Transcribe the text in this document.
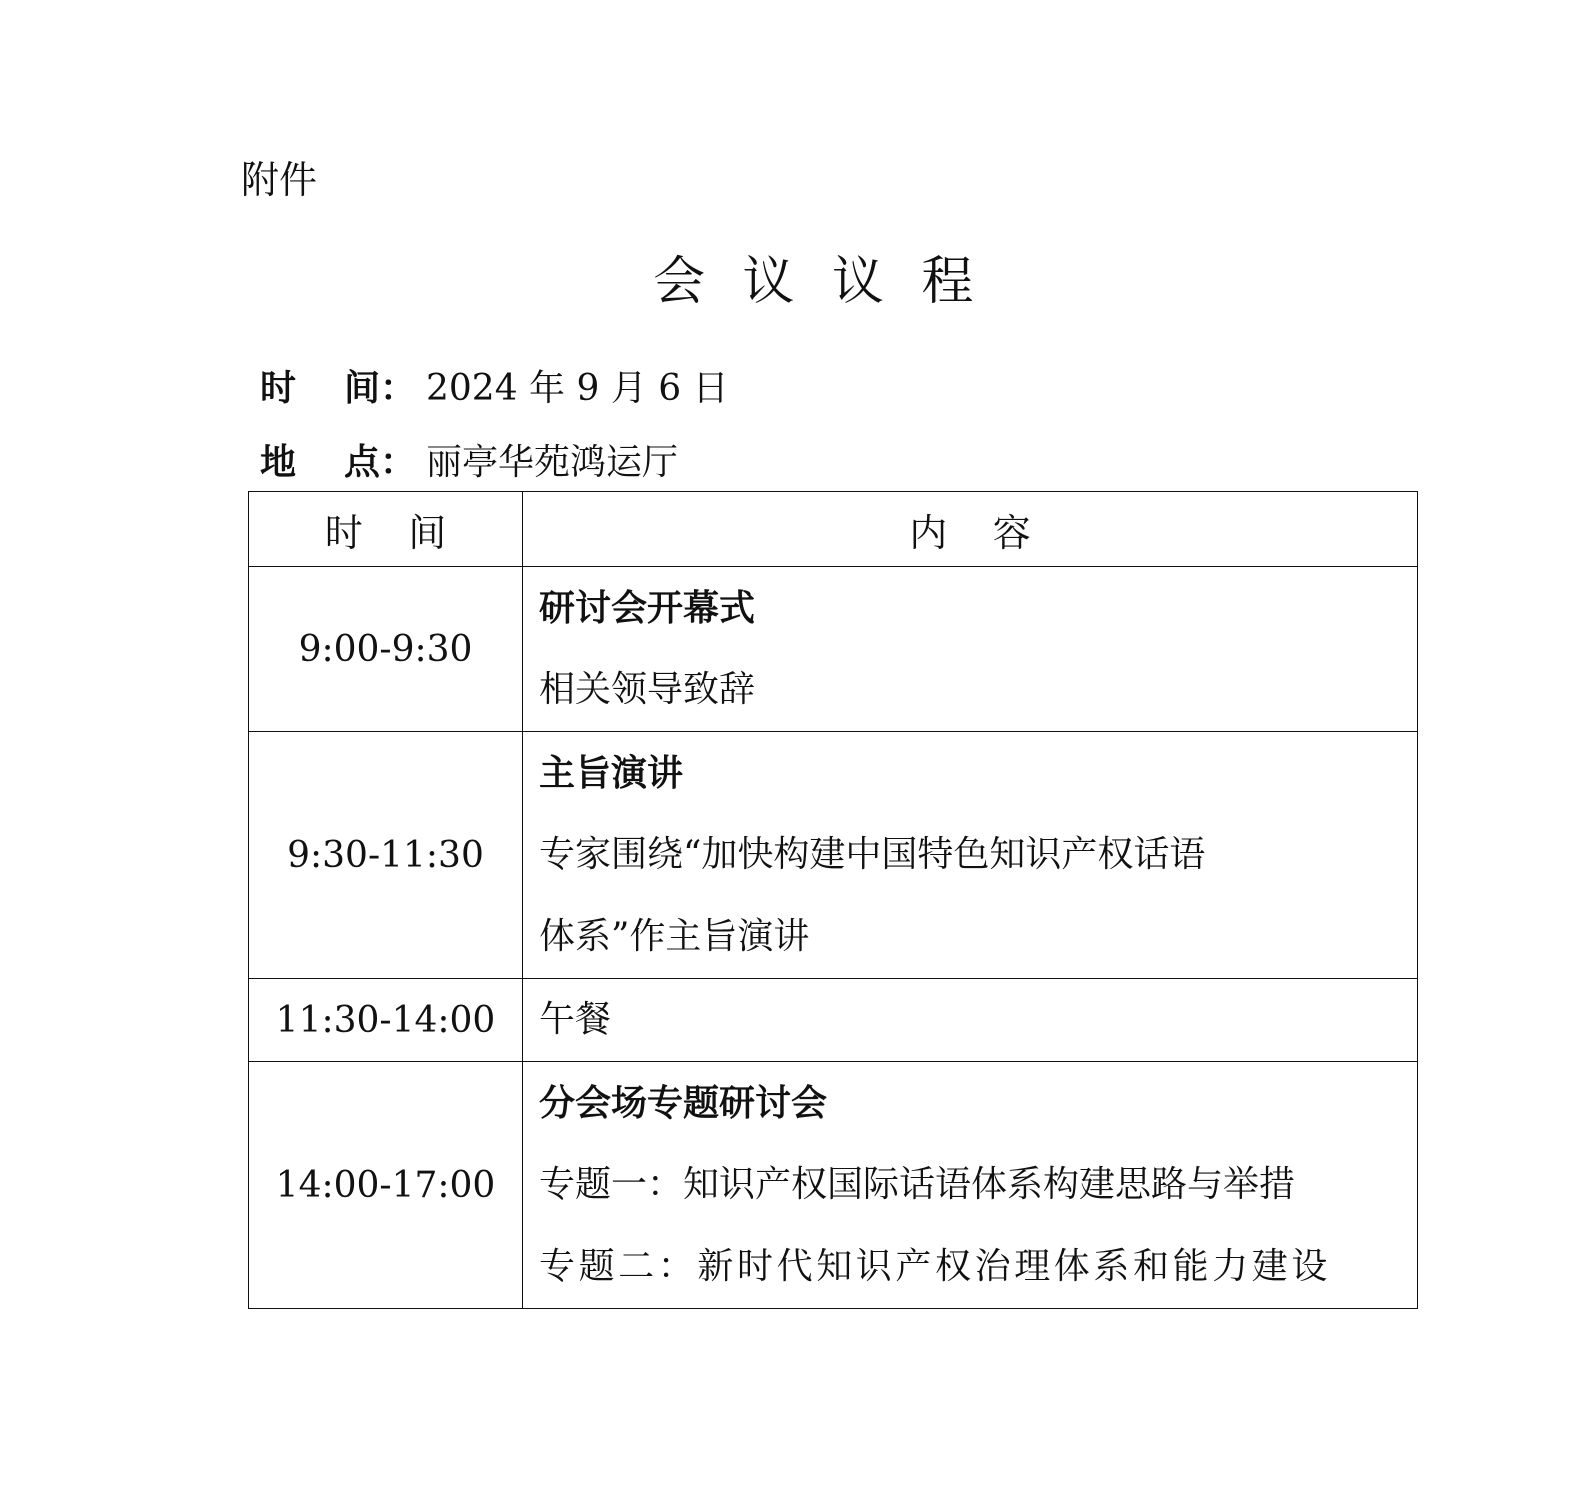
附件
会议议程
时 间： 2024 年 9 月 6 日
地 点： 丽亭华苑鸿运厅
时间	内容
9:00-9:30	研讨会开幕式
相关领导致辞

9:30-11:30	主旨演讲
专家围绕“加快构建中国特色知识产权话语
体系”作主旨演讲

11:30-14:00	午餐

14:00-17:00	分会场专题研讨会
专题一：知识产权国际话语体系构建思路与举措
专题二：新时代知识产权治理体系和能力建设
